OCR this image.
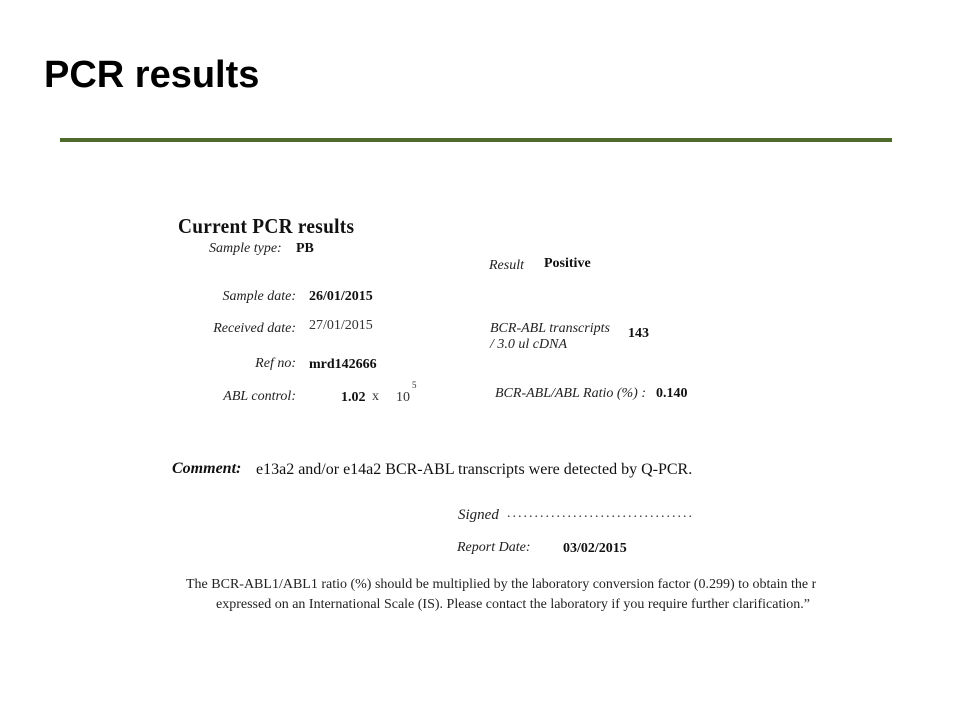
PCR results
Current PCR results
Sample type: PB
Result Positive
Sample date: 26/01/2015
Received date: 27/01/2015	BCR-ABL transcripts
/ 3.0 ul cDNA
143
Ref no: mrd142666
ABL control:	1.02 x 10
5
BCR-ABL/ABL Ratio (%) : 0.140
Comment: e13a2 and/or e14a2 BCR-ABL transcripts were detected by Q-PCR.
Signed ..................................
Report Date: 03/02/2015
The BCR-ABL1/ABL1 ratio (%) should be multiplied by the laboratory conversion factor (0.299) to obtain the r
expressed on an International Scale (IS). Please contact the laboratory if you require further clarification.”
